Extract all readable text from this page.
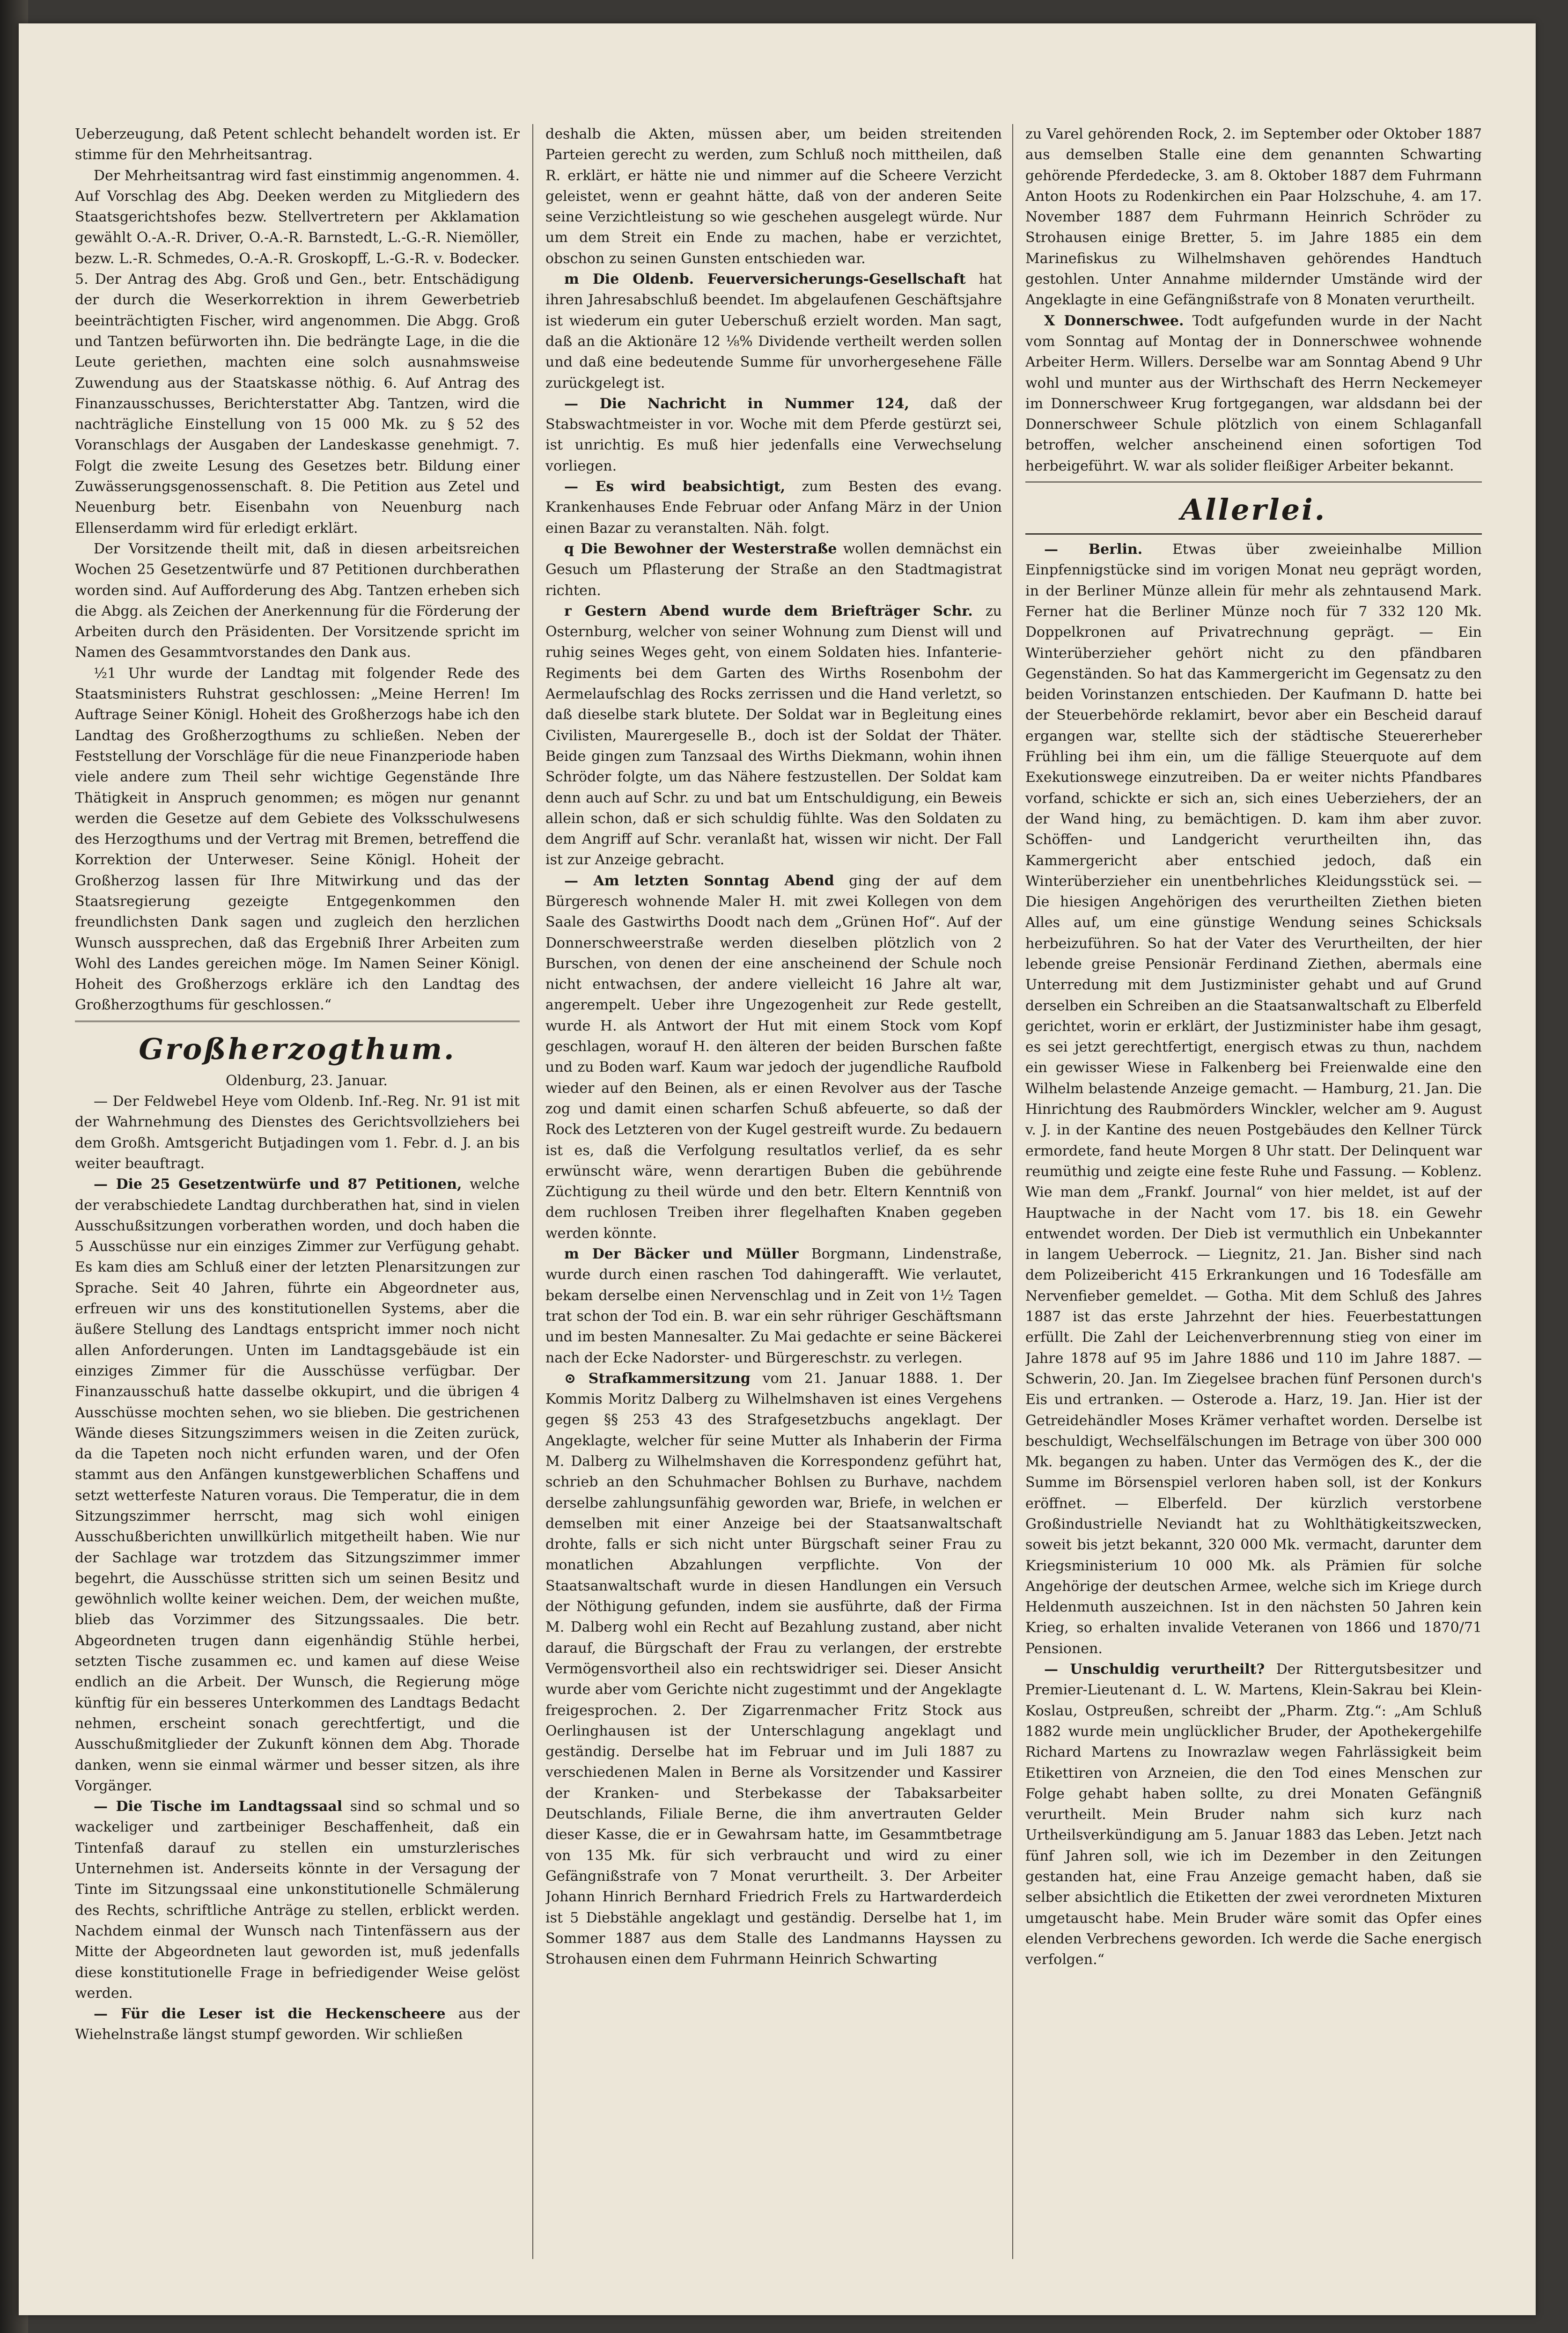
Ueberzeugung, daß Petent schlecht behandelt worden ist. Er stimme für den Mehrheitsantrag.

Der Mehrheitsantrag wird fast einstimmig angenommen. 4. Auf Vorschlag des Abg. Deeken werden zu Mitgliedern des Staatsgerichtshofes bezw. Stellvertretern per Akklamation gewählt O.-A.-R. Driver, O.-A.-R. Barnstedt, L.-G.-R. Niemöller, bezw. L.-R. Schmedes, O.-A.-R. Groskopff, L.-G.-R. v. Bodecker. 5. Der Antrag des Abg. Groß und Gen., betr. Entschädigung der durch die Weserkorrektion in ihrem Gewerbetrieb beeinträchtigten Fischer, wird angenommen. Die Abgg. Groß und Tantzen befürworten ihn. Die bedrängte Lage, in die die Leute geriethen, machten eine solch ausnahmsweise Zuwendung aus der Staatskasse nöthig. 6. Auf Antrag des Finanzausschusses, Berichterstatter Abg. Tantzen, wird die nachträgliche Einstellung von 15 000 Mk. zu § 52 des Voranschlags der Ausgaben der Landeskasse genehmigt. 7. Folgt die zweite Lesung des Gesetzes betr. Bildung einer Zuwässerungsgenossenschaft. 8. Die Petition aus Zetel und Neuenburg betr. Eisenbahn von Neuenburg nach Ellenserdamm wird für erledigt erklärt.

Der Vorsitzende theilt mit, daß in diesen arbeitsreichen Wochen 25 Gesetzentwürfe und 87 Petitionen durchberathen worden sind. Auf Aufforderung des Abg. Tantzen erheben sich die Abgg. als Zeichen der Anerkennung für die Förderung der Arbeiten durch den Präsidenten. Der Vorsitzende spricht im Namen des Gesammtvorstandes den Dank aus.

½1 Uhr wurde der Landtag mit folgender Rede des Staatsministers Ruhstrat geschlossen: „Meine Herren! Im Auftrage Seiner Königl. Hoheit des Großherzogs habe ich den Landtag des Großherzogthums zu schließen. Neben der Feststellung der Vorschläge für die neue Finanzperiode haben viele andere zum Theil sehr wichtige Gegenstände Ihre Thätigkeit in Anspruch genommen; es mögen nur genannt werden die Gesetze auf dem Gebiete des Volksschulwesens des Herzogthums und der Vertrag mit Bremen, betreffend die Korrektion der Unterweser. Seine Königl. Hoheit der Großherzog lassen für Ihre Mitwirkung und das der Staatsregierung gezeigte Entgegenkommen den freundlichsten Dank sagen und zugleich den herzlichen Wunsch aussprechen, daß das Ergebniß Ihrer Arbeiten zum Wohl des Landes gereichen möge. Im Namen Seiner Königl. Hoheit des Großherzogs erkläre ich den Landtag des Großherzogthums für geschlossen.“

Großherzogthum.

Oldenburg, 23. Januar.

— Der Feldwebel Heye vom Oldenb. Inf.-Reg. Nr. 91 ist mit der Wahrnehmung des Dienstes des Gerichtsvollziehers bei dem Großh. Amtsgericht Butjadingen vom 1. Febr. d. J. an bis weiter beauftragt.

— Die 25 Gesetzentwürfe und 87 Petitionen, welche der verabschiedete Landtag durchberathen hat, sind in vielen Ausschußsitzungen vorberathen worden, und doch haben die 5 Ausschüsse nur ein einziges Zimmer zur Verfügung gehabt. Es kam dies am Schluß einer der letzten Plenarsitzungen zur Sprache. Seit 40 Jahren, führte ein Abgeordneter aus, erfreuen wir uns des konstitutionellen Systems, aber die äußere Stellung des Landtags entspricht immer noch nicht allen Anforderungen. Unten im Landtagsgebäude ist ein einziges Zimmer für die Ausschüsse verfügbar. Der Finanzausschuß hatte dasselbe okkupirt, und die übrigen 4 Ausschüsse mochten sehen, wo sie blieben. Die gestrichenen Wände dieses Sitzungszimmers weisen in die Zeiten zurück, da die Tapeten noch nicht erfunden waren, und der Ofen stammt aus den Anfängen kunstgewerblichen Schaffens und setzt wetterfeste Naturen voraus. Die Temperatur, die in dem Sitzungszimmer herrscht, mag sich wohl einigen Ausschußberichten unwillkürlich mitgetheilt haben. Wie nur der Sachlage war trotzdem das Sitzungszimmer immer begehrt, die Ausschüsse stritten sich um seinen Besitz und gewöhnlich wollte keiner weichen. Dem, der weichen mußte, blieb das Vorzimmer des Sitzungssaales. Die betr. Abgeordneten trugen dann eigenhändig Stühle herbei, setzten Tische zusammen ec. und kamen auf diese Weise endlich an die Arbeit. Der Wunsch, die Regierung möge künftig für ein besseres Unterkommen des Landtags Bedacht nehmen, erscheint sonach gerechtfertigt, und die Ausschußmitglieder der Zukunft können dem Abg. Thorade danken, wenn sie einmal wärmer und besser sitzen, als ihre Vorgänger.

— Die Tische im Landtagssaal sind so schmal und so wackeliger und zartbeiniger Beschaffenheit, daß ein Tintenfaß darauf zu stellen ein umsturzlerisches Unternehmen ist. Anderseits könnte in der Versagung der Tinte im Sitzungssaal eine unkonstitutionelle Schmälerung des Rechts, schriftliche Anträge zu stellen, erblickt werden. Nachdem einmal der Wunsch nach Tintenfässern aus der Mitte der Abgeordneten laut geworden ist, muß jedenfalls diese konstitutionelle Frage in befriedigender Weise gelöst werden.

— Für die Leser ist die Heckenscheere aus der Wiehelnstraße längst stumpf geworden. Wir schließen

deshalb die Akten, müssen aber, um beiden streitenden Parteien gerecht zu werden, zum Schluß noch mittheilen, daß R. erklärt, er hätte nie und nimmer auf die Scheere Verzicht geleistet, wenn er geahnt hätte, daß von der anderen Seite seine Verzichtleistung so wie geschehen ausgelegt würde. Nur um dem Streit ein Ende zu machen, habe er verzichtet, obschon zu seinen Gunsten entschieden war.

m Die Oldenb. Feuerversicherungs-Gesellschaft hat ihren Jahresabschluß beendet. Im abgelaufenen Geschäftsjahre ist wiederum ein guter Ueberschuß erzielt worden. Man sagt, daß an die Aktionäre 12 ⅛% Dividende vertheilt werden sollen und daß eine bedeutende Summe für unvorhergesehene Fälle zurückgelegt ist.

— Die Nachricht in Nummer 124, daß der Stabswachtmeister in vor. Woche mit dem Pferde gestürzt sei, ist unrichtig. Es muß hier jedenfalls eine Verwechselung vorliegen.

— Es wird beabsichtigt, zum Besten des evang. Krankenhauses Ende Februar oder Anfang März in der Union einen Bazar zu veranstalten. Näh. folgt.

q Die Bewohner der Westerstraße wollen demnächst ein Gesuch um Pflasterung der Straße an den Stadtmagistrat richten.

r Gestern Abend wurde dem Briefträger Schr. zu Osternburg, welcher von seiner Wohnung zum Dienst will und ruhig seines Weges geht, von einem Soldaten hies. Infanterie-Regiments bei dem Garten des Wirths Rosenbohm der Aermelaufschlag des Rocks zerrissen und die Hand verletzt, so daß dieselbe stark blutete. Der Soldat war in Begleitung eines Civilisten, Maurergeselle B., doch ist der Soldat der Thäter. Beide gingen zum Tanzsaal des Wirths Diekmann, wohin ihnen Schröder folgte, um das Nähere festzustellen. Der Soldat kam denn auch auf Schr. zu und bat um Entschuldigung, ein Beweis allein schon, daß er sich schuldig fühlte. Was den Soldaten zu dem Angriff auf Schr. veranlaßt hat, wissen wir nicht. Der Fall ist zur Anzeige gebracht.

— Am letzten Sonntag Abend ging der auf dem Bürgeresch wohnende Maler H. mit zwei Kollegen von dem Saale des Gastwirths Doodt nach dem „Grünen Hof“. Auf der Donnerschweerstraße werden dieselben plötzlich von 2 Burschen, von denen der eine anscheinend der Schule noch nicht entwachsen, der andere vielleicht 16 Jahre alt war, angerempelt. Ueber ihre Ungezogenheit zur Rede gestellt, wurde H. als Antwort der Hut mit einem Stock vom Kopf geschlagen, worauf H. den älteren der beiden Burschen faßte und zu Boden warf. Kaum war jedoch der jugendliche Raufbold wieder auf den Beinen, als er einen Revolver aus der Tasche zog und damit einen scharfen Schuß abfeuerte, so daß der Rock des Letzteren von der Kugel gestreift wurde. Zu bedauern ist es, daß die Verfolgung resultatlos verlief, da es sehr erwünscht wäre, wenn derartigen Buben die gebührende Züchtigung zu theil würde und den betr. Eltern Kenntniß von dem ruchlosen Treiben ihrer flegelhaften Knaben gegeben werden könnte.

m Der Bäcker und Müller Borgmann, Lindenstraße, wurde durch einen raschen Tod dahingerafft. Wie verlautet, bekam derselbe einen Nervenschlag und in Zeit von 1½ Tagen trat schon der Tod ein. B. war ein sehr rühriger Geschäftsmann und im besten Mannesalter. Zu Mai gedachte er seine Bäckerei nach der Ecke Nadorster- und Bürgereschstr. zu verlegen.

⊙ Strafkammersitzung vom 21. Januar 1888. 1. Der Kommis Moritz Dalberg zu Wilhelmshaven ist eines Vergehens gegen §§ 253 43 des Strafgesetzbuchs angeklagt. Der Angeklagte, welcher für seine Mutter als Inhaberin der Firma M. Dalberg zu Wilhelmshaven die Korrespondenz geführt hat, schrieb an den Schuhmacher Bohlsen zu Burhave, nachdem derselbe zahlungsunfähig geworden war, Briefe, in welchen er demselben mit einer Anzeige bei der Staatsanwaltschaft drohte, falls er sich nicht unter Bürgschaft seiner Frau zu monatlichen Abzahlungen verpflichte. Von der Staatsanwaltschaft wurde in diesen Handlungen ein Versuch der Nöthigung gefunden, indem sie ausführte, daß der Firma M. Dalberg wohl ein Recht auf Bezahlung zustand, aber nicht darauf, die Bürgschaft der Frau zu verlangen, der erstrebte Vermögensvortheil also ein rechtswidriger sei. Dieser Ansicht wurde aber vom Gerichte nicht zugestimmt und der Angeklagte freigesprochen. 2. Der Zigarrenmacher Fritz Stock aus Oerlinghausen ist der Unterschlagung angeklagt und geständig. Derselbe hat im Februar und im Juli 1887 zu verschiedenen Malen in Berne als Vorsitzender und Kassirer der Kranken- und Sterbekasse der Tabaksarbeiter Deutschlands, Filiale Berne, die ihm anvertrauten Gelder dieser Kasse, die er in Gewahrsam hatte, im Gesammtbetrage von 135 Mk. für sich verbraucht und wird zu einer Gefängnißstrafe von 7 Monat verurtheilt. 3. Der Arbeiter Johann Hinrich Bernhard Friedrich Frels zu Hartwarderdeich ist 5 Diebstähle angeklagt und geständig. Derselbe hat 1, im Sommer 1887 aus dem Stalle des Landmanns Hayssen zu Strohausen einen dem Fuhrmann Heinrich Schwarting

zu Varel gehörenden Rock, 2. im September oder Oktober 1887 aus demselben Stalle eine dem genannten Schwarting gehörende Pferdedecke, 3. am 8. Oktober 1887 dem Fuhrmann Anton Hoots zu Rodenkirchen ein Paar Holzschuhe, 4. am 17. November 1887 dem Fuhrmann Heinrich Schröder zu Strohausen einige Bretter, 5. im Jahre 1885 ein dem Marinefiskus zu Wilhelmshaven gehörendes Handtuch gestohlen. Unter Annahme mildernder Umstände wird der Angeklagte in eine Gefängnißstrafe von 8 Monaten verurtheilt.

X Donnerschwee. Todt aufgefunden wurde in der Nacht vom Sonntag auf Montag der in Donnerschwee wohnende Arbeiter Herm. Willers. Derselbe war am Sonntag Abend 9 Uhr wohl und munter aus der Wirthschaft des Herrn Neckemeyer im Donnerschweer Krug fortgegangen, war aldsdann bei der Donnerschweer Schule plötzlich von einem Schlaganfall betroffen, welcher anscheinend einen sofortigen Tod herbeigeführt. W. war als solider fleißiger Arbeiter bekannt.

Allerlei.

— Berlin. Etwas über zweieinhalbe Million Einpfennigstücke sind im vorigen Monat neu geprägt worden, in der Berliner Münze allein für mehr als zehntausend Mark. Ferner hat die Berliner Münze noch für 7 332 120 Mk. Doppelkronen auf Privatrechnung geprägt. — Ein Winterüberzieher gehört nicht zu den pfändbaren Gegenständen. So hat das Kammergericht im Gegensatz zu den beiden Vorinstanzen entschieden. Der Kaufmann D. hatte bei der Steuerbehörde reklamirt, bevor aber ein Bescheid darauf ergangen war, stellte sich der städtische Steuererheber Frühling bei ihm ein, um die fällige Steuerquote auf dem Exekutionswege einzutreiben. Da er weiter nichts Pfandbares vorfand, schickte er sich an, sich eines Ueberziehers, der an der Wand hing, zu bemächtigen. D. kam ihm aber zuvor. Schöffen- und Landgericht verurtheilten ihn, das Kammergericht aber entschied jedoch, daß ein Winterüberzieher ein unentbehrliches Kleidungsstück sei. — Die hiesigen Angehörigen des verurtheilten Ziethen bieten Alles auf, um eine günstige Wendung seines Schicksals herbeizuführen. So hat der Vater des Verurtheilten, der hier lebende greise Pensionär Ferdinand Ziethen, abermals eine Unterredung mit dem Justizminister gehabt und auf Grund derselben ein Schreiben an die Staatsanwaltschaft zu Elberfeld gerichtet, worin er erklärt, der Justizminister habe ihm gesagt, es sei jetzt gerechtfertigt, energisch etwas zu thun, nachdem ein gewisser Wiese in Falkenberg bei Freienwalde eine den Wilhelm belastende Anzeige gemacht. — Hamburg, 21. Jan. Die Hinrichtung des Raubmörders Winckler, welcher am 9. August v. J. in der Kantine des neuen Postgebäudes den Kellner Türck ermordete, fand heute Morgen 8 Uhr statt. Der Delinquent war reumüthig und zeigte eine feste Ruhe und Fassung. — Koblenz. Wie man dem „Frankf. Journal“ von hier meldet, ist auf der Hauptwache in der Nacht vom 17. bis 18. ein Gewehr entwendet worden. Der Dieb ist vermuthlich ein Unbekannter in langem Ueberrock. — Liegnitz, 21. Jan. Bisher sind nach dem Polizeibericht 415 Erkrankungen und 16 Todesfälle am Nervenfieber gemeldet. — Gotha. Mit dem Schluß des Jahres 1887 ist das erste Jahrzehnt der hies. Feuerbestattungen erfüllt. Die Zahl der Leichenverbrennung stieg von einer im Jahre 1878 auf 95 im Jahre 1886 und 110 im Jahre 1887. — Schwerin, 20. Jan. Im Ziegelsee brachen fünf Personen durch's Eis und ertranken. — Osterode a. Harz, 19. Jan. Hier ist der Getreidehändler Moses Krämer verhaftet worden. Derselbe ist beschuldigt, Wechselfälschungen im Betrage von über 300 000 Mk. begangen zu haben. Unter das Vermögen des K., der die Summe im Börsenspiel verloren haben soll, ist der Konkurs eröffnet. — Elberfeld. Der kürzlich verstorbene Großindustrielle Neviandt hat zu Wohlthätigkeitszwecken, soweit bis jetzt bekannt, 320 000 Mk. vermacht, darunter dem Kriegsministerium 10 000 Mk. als Prämien für solche Angehörige der deutschen Armee, welche sich im Kriege durch Heldenmuth auszeichnen. Ist in den nächsten 50 Jahren kein Krieg, so erhalten invalide Veteranen von 1866 und 1870/71 Pensionen.

— Unschuldig verurtheilt? Der Rittergutsbesitzer und Premier-Lieutenant d. L. W. Martens, Klein-Sakrau bei Klein-Koslau, Ostpreußen, schreibt der „Pharm. Ztg.“: „Am Schluß 1882 wurde mein unglücklicher Bruder, der Apothekergehilfe Richard Martens zu Inowrazlaw wegen Fahrlässigkeit beim Etikettiren von Arzneien, die den Tod eines Menschen zur Folge gehabt haben sollte, zu drei Monaten Gefängniß verurtheilt. Mein Bruder nahm sich kurz nach Urtheilsverkündigung am 5. Januar 1883 das Leben. Jetzt nach fünf Jahren soll, wie ich im Dezember in den Zeitungen gestanden hat, eine Frau Anzeige gemacht haben, daß sie selber absichtlich die Etiketten der zwei verordneten Mixturen umgetauscht habe. Mein Bruder wäre somit das Opfer eines elenden Verbrechens geworden. Ich werde die Sache energisch verfolgen.“
